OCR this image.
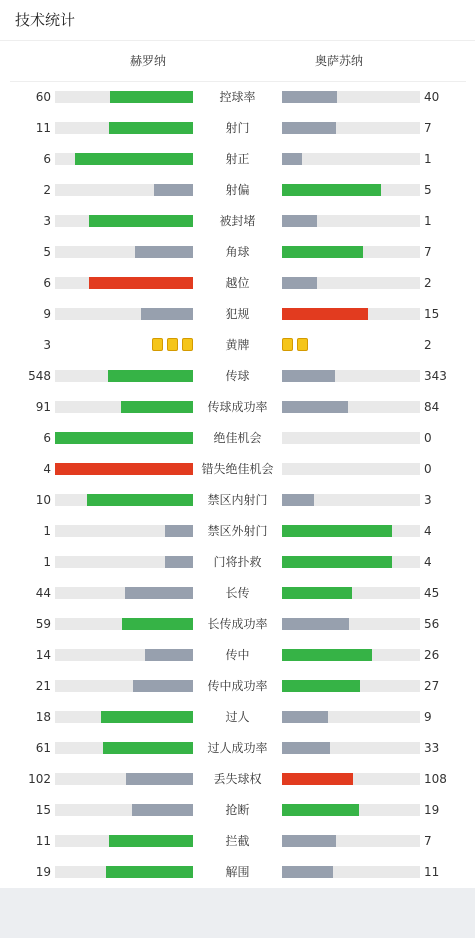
技术统计
赫罗纳	奥萨苏纳
60	控球率	40
11	射门	7
6	射正	1
2	射偏	5
3	被封堵	1
5	角球	7
6	越位	2
9	犯规	15
3	黄牌	2
548	传球	343
91	传球成功率	84
6	绝佳机会	0
4	错失绝佳机会	0
10	禁区内射门	3
1	禁区外射门	4
1	门将扑救	4
44	长传	45
59	长传成功率	56
14	传中	26
21	传中成功率	27
18	过人	9
61	过人成功率	33
102	丢失球权	108
15	抢断	19
11	拦截	7
19	解围	11
